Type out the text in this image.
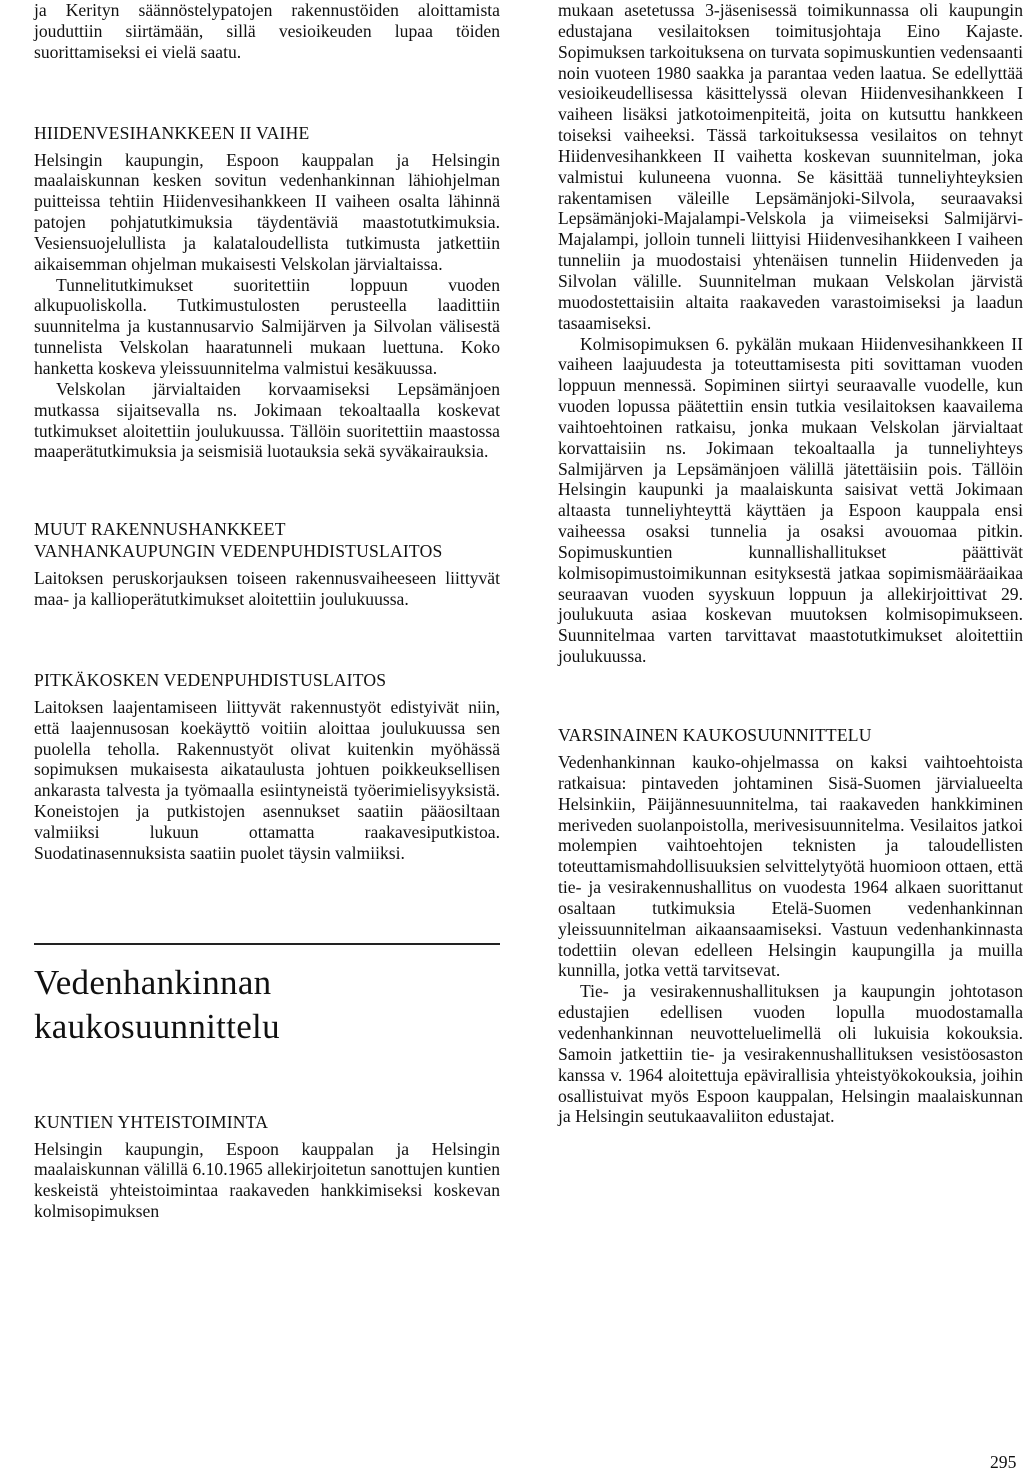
ja Kerityn säännöstelypatojen rakennustöiden aloittamista jouduttiin siirtämään, sillä vesioikeuden lupaa töiden suorittamiseksi ei vielä saatu.

HIIDENVESIHANKKEEN II VAIHE

Helsingin kaupungin, Espoon kauppalan ja Helsingin maalaiskunnan kesken sovitun vedenhankinnan lähiohjelman puitteissa tehtiin Hiidenvesihankkeen II vaiheen osalta lähinnä patojen pohjatutkimuksia täydentäviä maastotutkimuksia. Vesiensuojelullista ja kalataloudellista tutkimusta jatkettiin aikaisemman ohjelman mukaisesti Velskolan järvialtaissa.

Tunnelitutkimukset suoritettiin loppuun vuoden alkupuoliskolla. Tutkimustulosten perusteella laadittiin suunnitelma ja kustannusarvio Salmijärven ja Silvolan välisestä tunnelista Velskolan haaratunneli mukaan luettuna. Koko hanketta koskeva yleissuunnitelma valmistui kesäkuussa.

Velskolan järvialtaiden korvaamiseksi Lepsämänjoen mutkassa sijaitsevalla ns. Jokimaan tekoaltaalla koskevat tutkimukset aloitettiin joulukuussa. Tällöin suoritettiin maastossa maaperätutkimuksia ja seismisiä luotauksia sekä syväkairauksia.

MUUT RAKENNUSHANKKEET
VANHANKAUPUNGIN VEDENPUHDISTUSLAITOS

Laitoksen peruskorjauksen toiseen rakennusvaiheeseen liittyvät maa- ja kallioperätutkimukset aloitettiin joulukuussa.

PITKÄKOSKEN VEDENPUHDISTUSLAITOS

Laitoksen laajentamiseen liittyvät rakennustyöt edistyivät niin, että laajennusosan koekäyttö voitiin aloittaa joulukuussa sen puolella teholla. Rakennustyöt olivat kuitenkin myöhässä sopimuksen mukaisesta aikataulusta johtuen poikkeuksellisen ankarasta talvesta ja työmaalla esiintyneistä työerimielisyyksistä. Koneistojen ja putkistojen asennukset saatiin pääosiltaan valmiiksi lukuun ottamatta raakavesiputkistoa. Suodatinasennuksista saatiin puolet täysin valmiiksi.

Vedenhankinnan
kaukosuunnittelu
KUNTIEN YHTEISTOIMINTA

Helsingin kaupungin, Espoon kauppalan ja Helsingin maalaiskunnan välillä 6.10.1965 allekirjoitetun sanottujen kuntien keskeistä yhteistoimintaa raakaveden hankkimiseksi koskevan kolmisopimuksen

mukaan asetetussa 3-jäsenisessä toimikunnassa oli kaupungin edustajana vesilaitoksen toimitusjohtaja Eino Kajaste. Sopimuksen tarkoituksena on turvata sopimuskuntien vedensaanti noin vuoteen 1980 saakka ja parantaa veden laatua. Se edellyttää vesioikeudellisessa käsittelyssä olevan Hiidenvesihankkeen I vaiheen lisäksi jatkotoimenpiteitä, joita on kutsuttu hankkeen toiseksi vaiheeksi. Tässä tarkoituksessa vesilaitos on tehnyt Hiidenvesihankkeen II vaihetta koskevan suunnitelman, joka valmistui kuluneena vuonna. Se käsittää tunneliyhteyksien rakentamisen väleille Lepsämänjoki-Silvola, seuraavaksi Lepsämänjoki-Majalampi-Velskola ja viimeiseksi Salmijärvi-Majalampi, jolloin tunneli liittyisi Hiidenvesihankkeen I vaiheen tunneliin ja muodostaisi yhtenäisen tunnelin Hiidenveden ja Silvolan välille. Suunnitelman mukaan Velskolan järvistä muodostettaisiin altaita raakaveden varastoimiseksi ja laadun tasaamiseksi.

Kolmisopimuksen 6. pykälän mukaan Hiidenvesihankkeen II vaiheen laajuudesta ja toteuttamisesta piti sovittaman vuoden loppuun mennessä. Sopiminen siirtyi seuraavalle vuodelle, kun vuoden lopussa päätettiin ensin tutkia vesilaitoksen kaavailema vaihtoehtoinen ratkaisu, jonka mukaan Velskolan järvialtaat korvattaisiin ns. Jokimaan tekoaltaalla ja tunneliyhteys Salmijärven ja Lepsämänjoen välillä jätettäisiin pois. Tällöin Helsingin kaupunki ja maalaiskunta saisivat vettä Jokimaan altaasta tunneliyhteyttä käyttäen ja Espoon kauppala ensi vaiheessa osaksi tunnelia ja osaksi avouomaa pitkin. Sopimuskuntien kunnallishallitukset päättivät kolmisopimustoimikunnan esityksestä jatkaa sopimismääräaikaa seuraavan vuoden syyskuun loppuun ja allekirjoittivat 29. joulukuuta asiaa koskevan muutoksen kolmisopimukseen. Suunnitelmaa varten tarvittavat maastotutkimukset aloitettiin joulukuussa.

VARSINAINEN KAUKOSUUNNITTELU

Vedenhankinnan kauko-ohjelmassa on kaksi vaihtoehtoista ratkaisua: pintaveden johtaminen Sisä-Suomen järvialueelta Helsinkiin, Päijännesuunnitelma, tai raakaveden hankkiminen meriveden suolanpoistolla, merivesisuunnitelma. Vesilaitos jatkoi molempien vaihtoehtojen teknisten ja taloudellisten toteuttamismahdollisuuksien selvittelytyötä huomioon ottaen, että tie- ja vesirakennushallitus on vuodesta 1964 alkaen suorittanut osaltaan tutkimuksia Etelä-Suomen vedenhankinnan yleissuunnitelman aikaansaamiseksi. Vastuun vedenhankinnasta todettiin olevan edelleen Helsingin kaupungilla ja muilla kunnilla, jotka vettä tarvitsevat.

Tie- ja vesirakennushallituksen ja kaupungin johtotason edustajien edellisen vuoden lopulla muodostamalla vedenhankinnan neuvotteluelimellä oli lukuisia kokouksia. Samoin jatkettiin tie- ja vesirakennushallituksen vesistöosaston kanssa v. 1964 aloitettuja epävirallisia yhteistyökokouksia, joihin osallistuivat myös Espoon kauppalan, Helsingin maalaiskunnan ja Helsingin seutukaavaliiton edustajat.

295
